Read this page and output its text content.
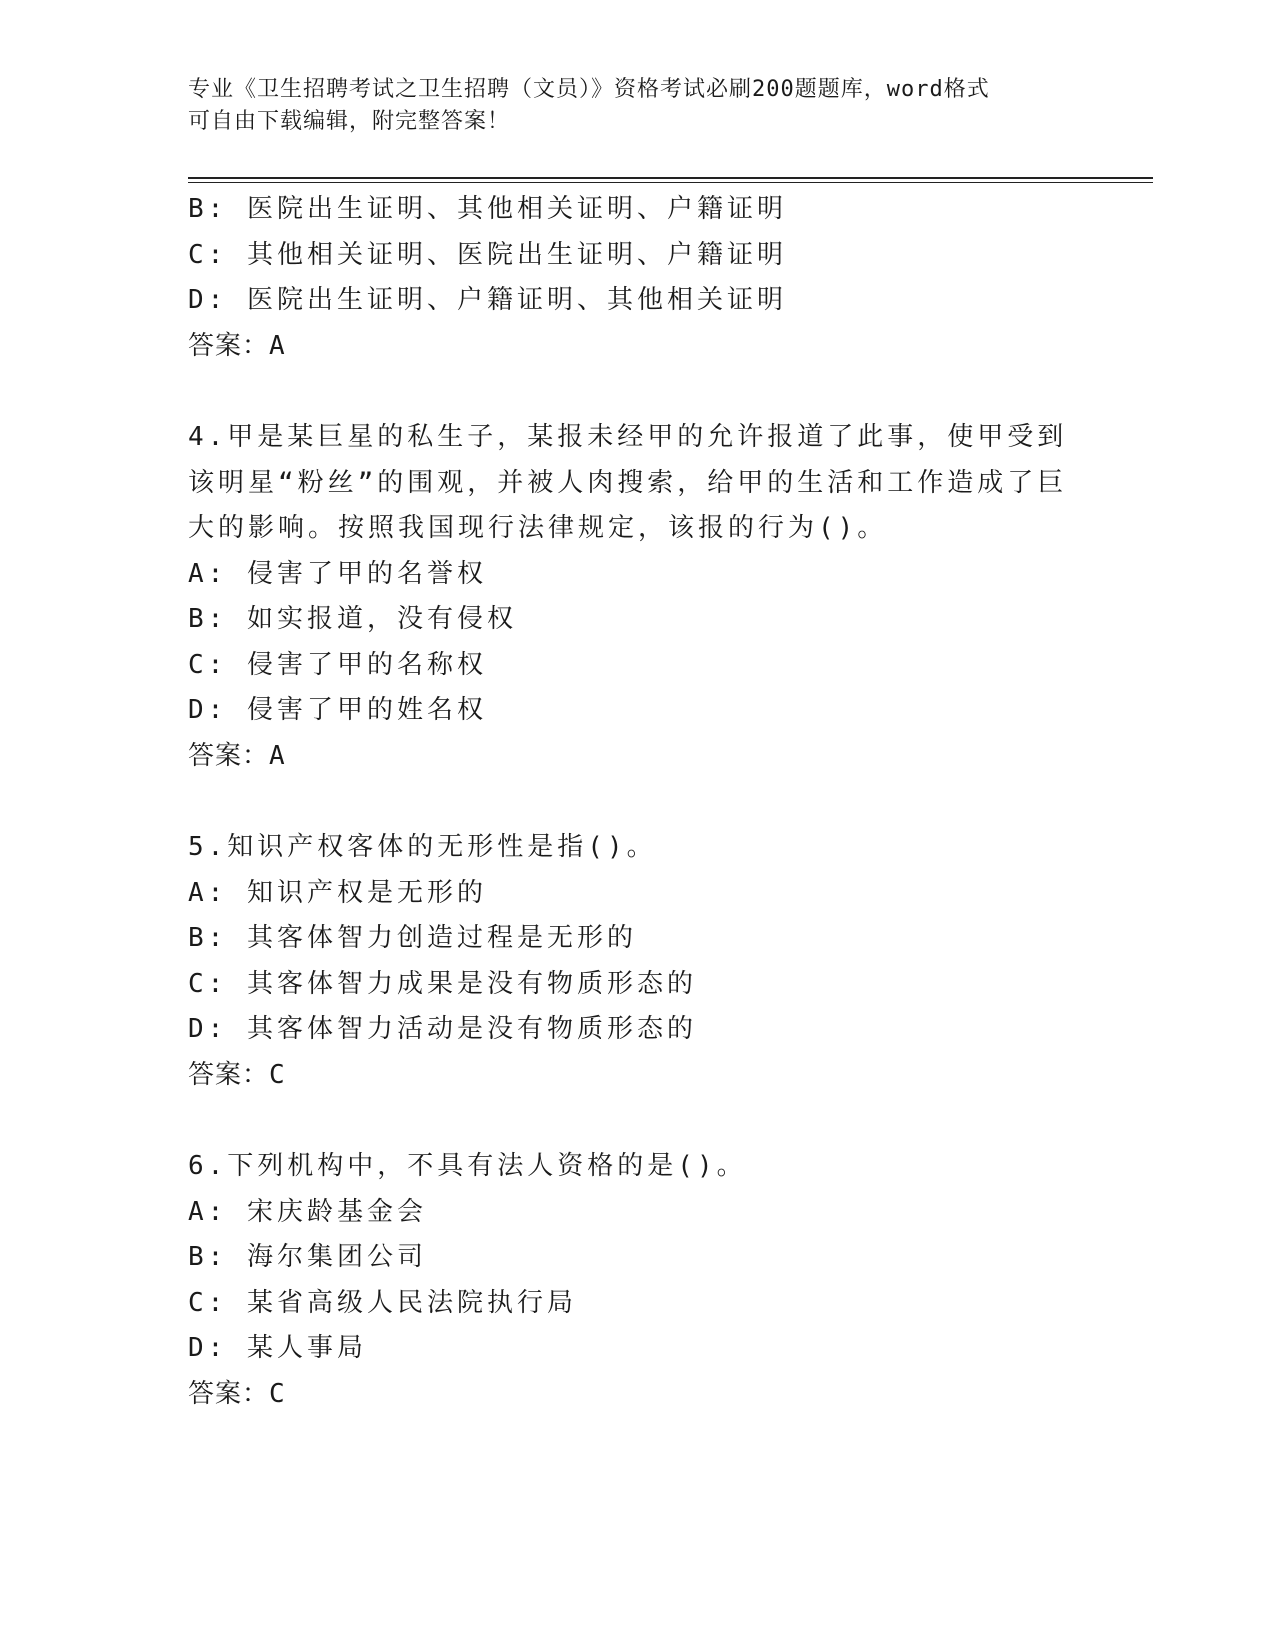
专业《卫生招聘考试之卫生招聘（文员）》资格考试必刷200题题库，word格式
可自由下载编辑，附完整答案！
B: 医院出生证明、其他相关证明、户籍证明
C: 其他相关证明、医院出生证明、户籍证明
D: 医院出生证明、户籍证明、其他相关证明
答案：A
4.甲是某巨星的私生子，某报未经甲的允许报道了此事，使甲受到该明星“粉丝”的围观，并被人肉搜索，给甲的生活和工作造成了巨大的影响。按照我国现行法律规定，该报的行为()。
A: 侵害了甲的名誉权
B: 如实报道，没有侵权
C: 侵害了甲的名称权
D: 侵害了甲的姓名权
答案：A
5.知识产权客体的无形性是指()。
A: 知识产权是无形的
B: 其客体智力创造过程是无形的
C: 其客体智力成果是没有物质形态的
D: 其客体智力活动是没有物质形态的
答案：C
6.下列机构中，不具有法人资格的是()。
A: 宋庆龄基金会
B: 海尔集团公司
C: 某省高级人民法院执行局
D: 某人事局
答案：C
